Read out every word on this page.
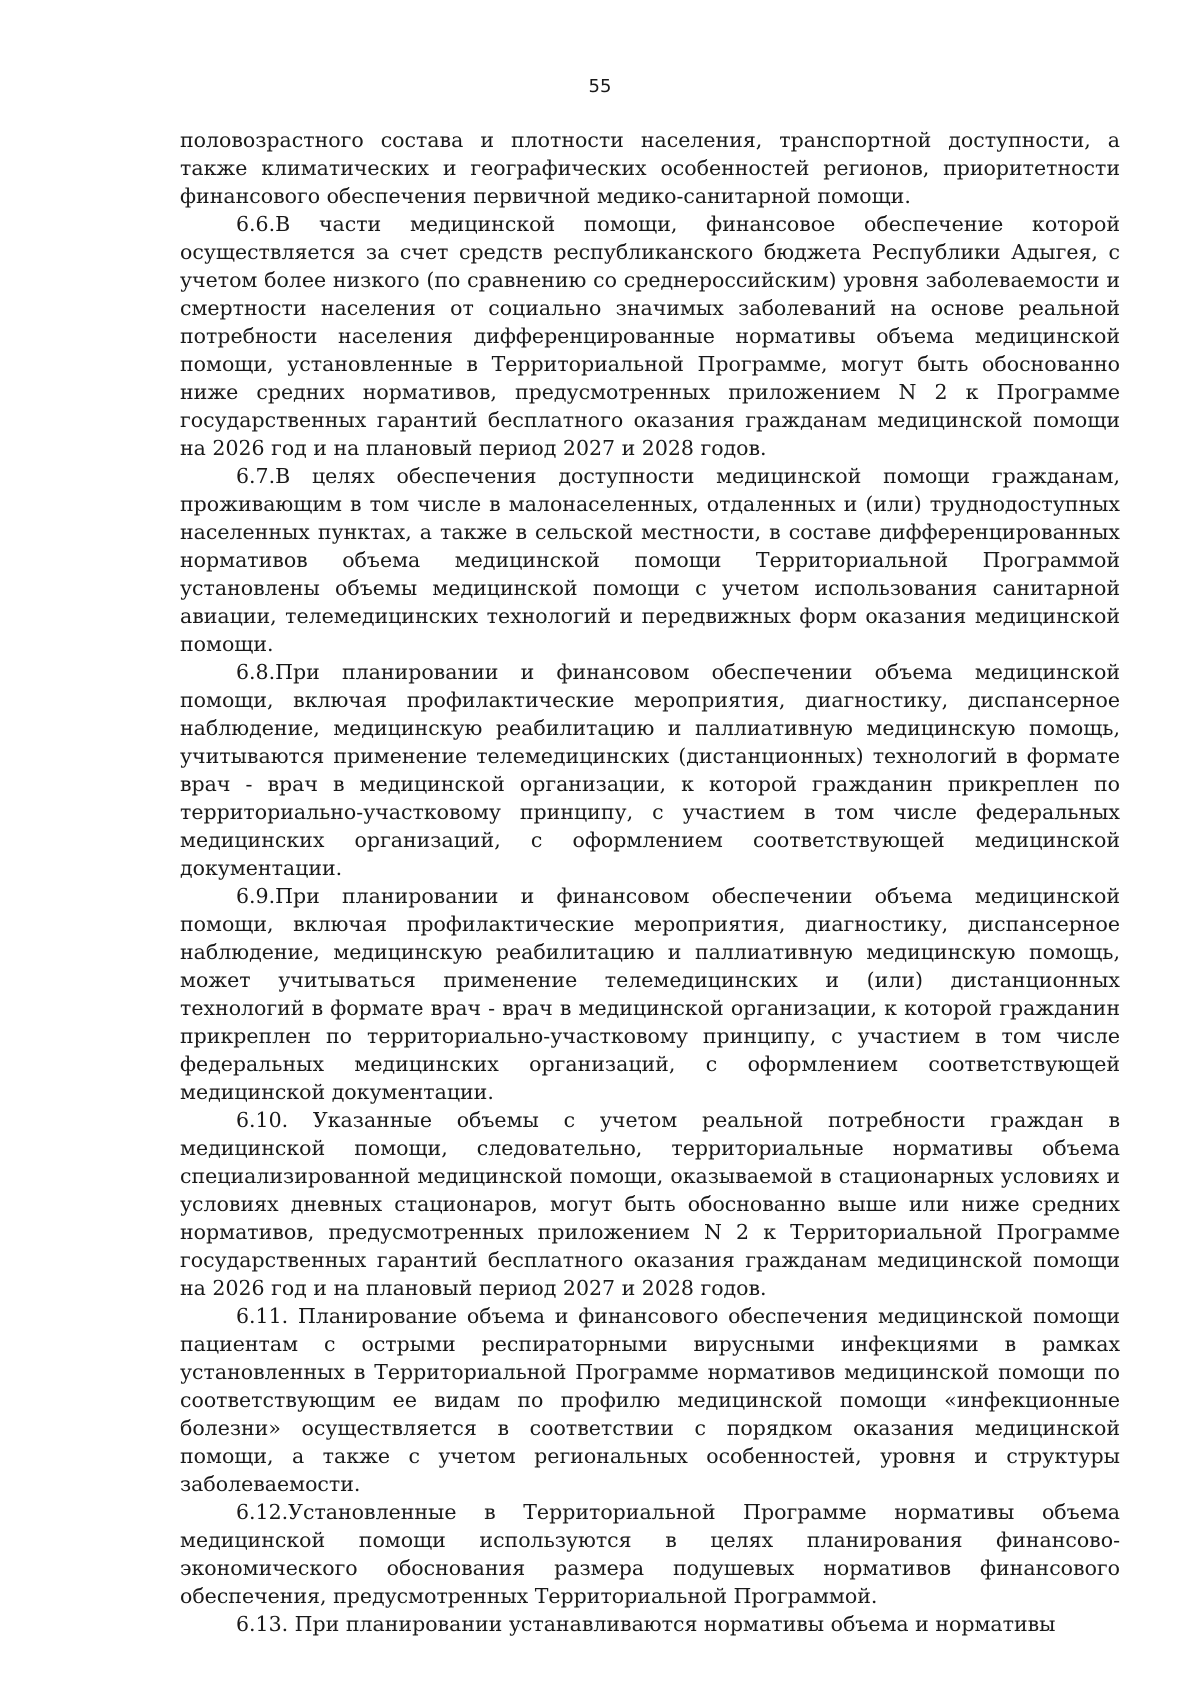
55

половозрастного состава и плотности населения, транспортной доступности, а также климатических и географических особенностей регионов, приоритетности финансового обеспечения первичной медико-санитарной помощи.

6.6.В части медицинской помощи, финансовое обеспечение которой осуществляется за счет средств республиканского бюджета Республики Адыгея, с учетом более низкого (по сравнению со среднероссийским) уровня заболеваемости и смертности населения от социально значимых заболеваний на основе реальной потребности населения дифференцированные нормативы объема медицинской помощи, установленные в Территориальной Программе, могут быть обоснованно ниже средних нормативов, предусмотренных приложением N 2 к Программе государственных гарантий бесплатного оказания гражданам медицинской помощи на 2026 год и на плановый период 2027 и 2028 годов.

6.7.В целях обеспечения доступности медицинской помощи гражданам, проживающим в том числе в малонаселенных, отдаленных и (или) труднодоступных населенных пунктах, а также в сельской местности, в составе дифференцированных нормативов объема медицинской помощи Территориальной Программой установлены объемы медицинской помощи с учетом использования санитарной авиации, телемедицинских технологий и передвижных форм оказания медицинской помощи.

6.8.При планировании и финансовом обеспечении объема медицинской помощи, включая профилактические мероприятия, диагностику, диспансерное наблюдение, медицинскую реабилитацию и паллиативную медицинскую помощь, учитываются применение телемедицинских (дистанционных) технологий в формате врач - врач в медицинской организации, к которой гражданин прикреплен по территориально-участковому принципу, с участием в том числе федеральных медицинских организаций, с оформлением соответствующей медицинской документации.

6.9.При планировании и финансовом обеспечении объема медицинской помощи, включая профилактические мероприятия, диагностику, диспансерное наблюдение, медицинскую реабилитацию и паллиативную медицинскую помощь, может учитываться применение телемедицинских и (или) дистанционных технологий в формате врач - врач в медицинской организации, к которой гражданин прикреплен по территориально-участковому принципу, с участием в том числе федеральных медицинских организаций, с оформлением соответствующей медицинской документации.

6.10. Указанные объемы с учетом реальной потребности граждан в медицинской помощи, следовательно, территориальные нормативы объема специализированной медицинской помощи, оказываемой в стационарных условиях и условиях дневных стационаров, могут быть обоснованно выше или ниже средних нормативов, предусмотренных приложением N 2 к Территориальной Программе государственных гарантий бесплатного оказания гражданам медицинской помощи на 2026 год и на плановый период 2027 и 2028 годов.

6.11. Планирование объема и финансового обеспечения медицинской помощи пациентам с острыми респираторными вирусными инфекциями в рамках установленных в Территориальной Программе нормативов медицинской помощи по соответствующим ее видам по профилю медицинской помощи «инфекционные болезни» осуществляется в соответствии с порядком оказания медицинской помощи, а также с учетом региональных особенностей, уровня и структуры заболеваемости.

6.12.Установленные в Территориальной Программе нормативы объема медицинской помощи используются в целях планирования финансово-экономического обоснования размера подушевых нормативов финансового обеспечения, предусмотренных Территориальной Программой.

6.13. При планировании устанавливаются нормативы объема и нормативы
